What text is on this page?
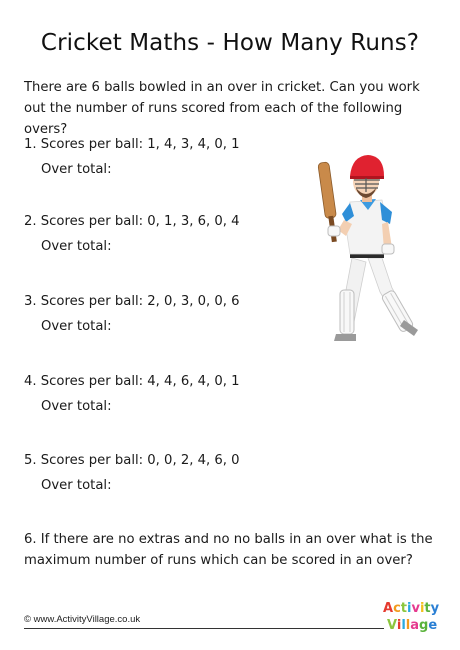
Cricket Maths - How Many Runs?
There are 6 balls bowled in an over in cricket. Can you work out the number of runs scored from each of the following overs?
1. Scores per ball: 1, 4, 3, 4, 0, 1
Over total:
2. Scores per ball: 0, 1, 3, 6, 0, 4
Over total:
3. Scores per ball: 2, 0, 3, 0, 0, 6
Over total:
4. Scores per ball: 4, 4, 6, 4, 0, 1
Over total:
5. Scores per ball: 0, 0, 2, 4, 6, 0
Over total:
6. If there are no extras and no no balls in an over what is the maximum number of runs which can be scored in an over?
© www.ActivityVillage.co.uk
Activity
Village
